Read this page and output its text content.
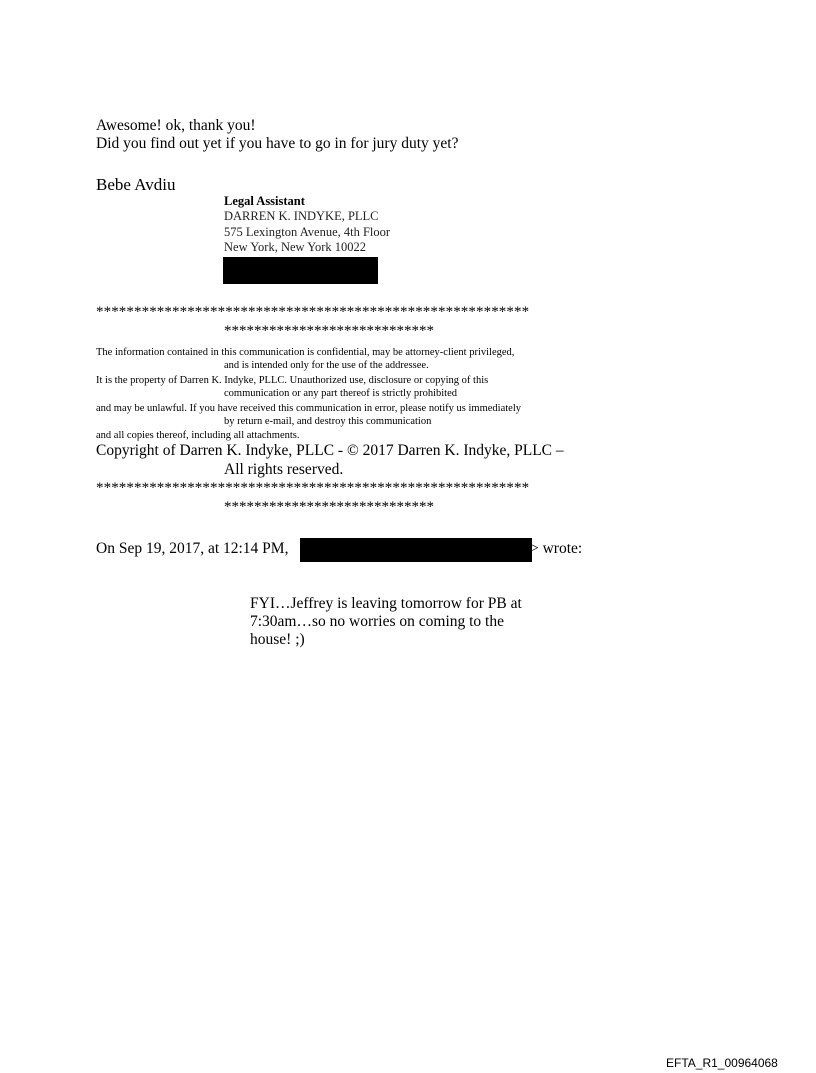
Awesome! ok, thank you!
Did you find out yet if you have to go in for jury duty yet?
Bebe Avdiu
Legal Assistant
DARREN K. INDYKE, PLLC
575 Lexington Avenue, 4th Floor
New York, New York 10022
*********************************************************
****************************
The information contained in this communication is confidential, may be attorney-client privileged,
and is intended only for the use of the addressee.
It is the property of Darren K. Indyke, PLLC. Unauthorized use, disclosure or copying of this
communication or any part thereof is strictly prohibited
and may be unlawful. If you have received this communication in error, please notify us immediately
by return e-mail, and destroy this communication
and all copies thereof, including all attachments.
Copyright of Darren K. Indyke, PLLC - © 2017 Darren K. Indyke, PLLC –
All rights reserved.
*********************************************************
****************************
On Sep 19, 2017, at 12:14 PM,	> wrote:
FYI…Jeffrey is leaving tomorrow for PB at
7:30am…so no worries on coming to the
house! ;)
EFTA_R1_00964068
